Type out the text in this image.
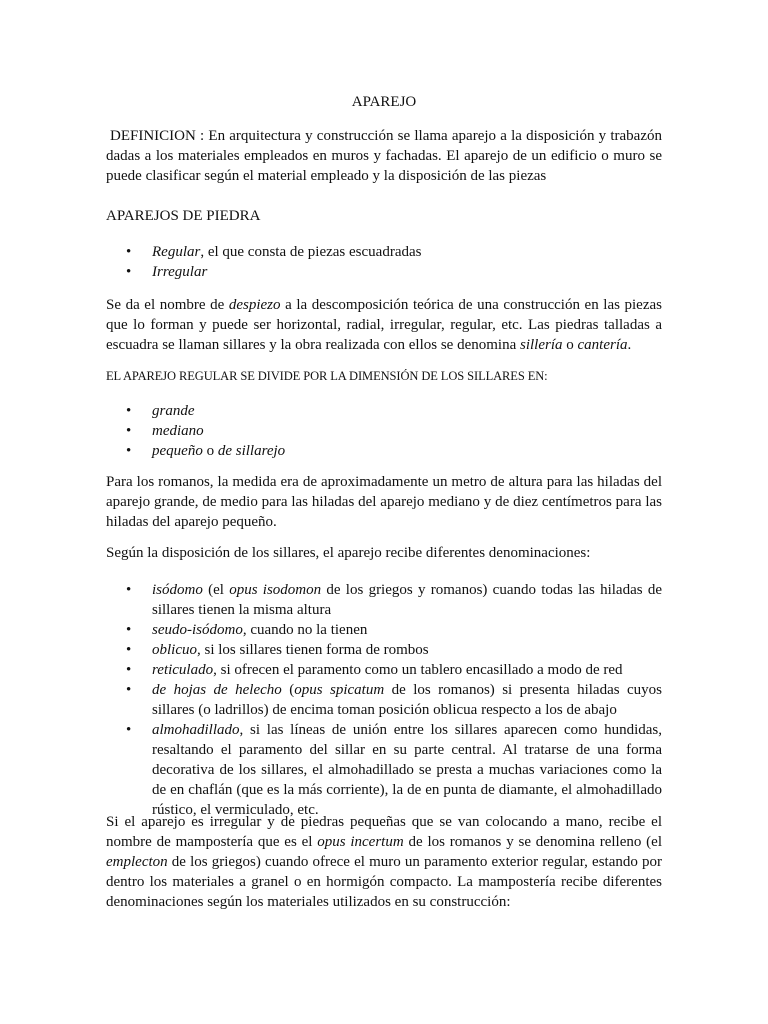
APAREJO
DEFINICION : En arquitectura y construcción se llama aparejo a la disposición y trabazón dadas a los materiales empleados en muros y fachadas. El aparejo de un edificio o muro se puede clasificar según el material empleado y la disposición de las piezas
APAREJOS DE PIEDRA
• Regular, el que consta de piezas escuadradas
• Irregular
Se da el nombre de despiezo a la descomposición teórica de una construcción en las piezas que lo forman y puede ser horizontal, radial, irregular, regular, etc. Las piedras talladas a escuadra se llaman sillares y la obra realizada con ellos se denomina sillería o cantería.
EL APAREJO REGULAR SE DIVIDE POR LA DIMENSIÓN DE LOS SILLARES EN:
• grande
• mediano
• pequeño o de sillarejo
Para los romanos, la medida era de aproximadamente un metro de altura para las hiladas del aparejo grande, de medio para las hiladas del aparejo mediano y de diez centímetros para las hiladas del aparejo pequeño.
Según la disposición de los sillares, el aparejo recibe diferentes denominaciones:
• isódomo (el opus isodomon de los griegos y romanos) cuando todas las hiladas de sillares tienen la misma altura
• seudo-isódomo, cuando no la tienen
• oblicuo, si los sillares tienen forma de rombos
• reticulado, si ofrecen el paramento como un tablero encasillado a modo de red
• de hojas de helecho (opus spicatum de los romanos) si presenta hiladas cuyos sillares (o ladrillos) de encima toman posición oblicua respecto a los de abajo
• almohadillado, si las líneas de unión entre los sillares aparecen como hundidas, resaltando el paramento del sillar en su parte central. Al tratarse de una forma decorativa de los sillares, el almohadillado se presta a muchas variaciones como la de en chaflán (que es la más corriente), la de en punta de diamante, el almohadillado rústico, el vermiculado, etc.
Si el aparejo es irregular y de piedras pequeñas que se van colocando a mano, recibe el nombre de mampostería que es el opus incertum de los romanos y se denomina relleno (el emplecton de los griegos) cuando ofrece el muro un paramento exterior regular, estando por dentro los materiales a granel o en hormigón compacto. La mampostería recibe diferentes denominaciones según los materiales utilizados en su construcción:
